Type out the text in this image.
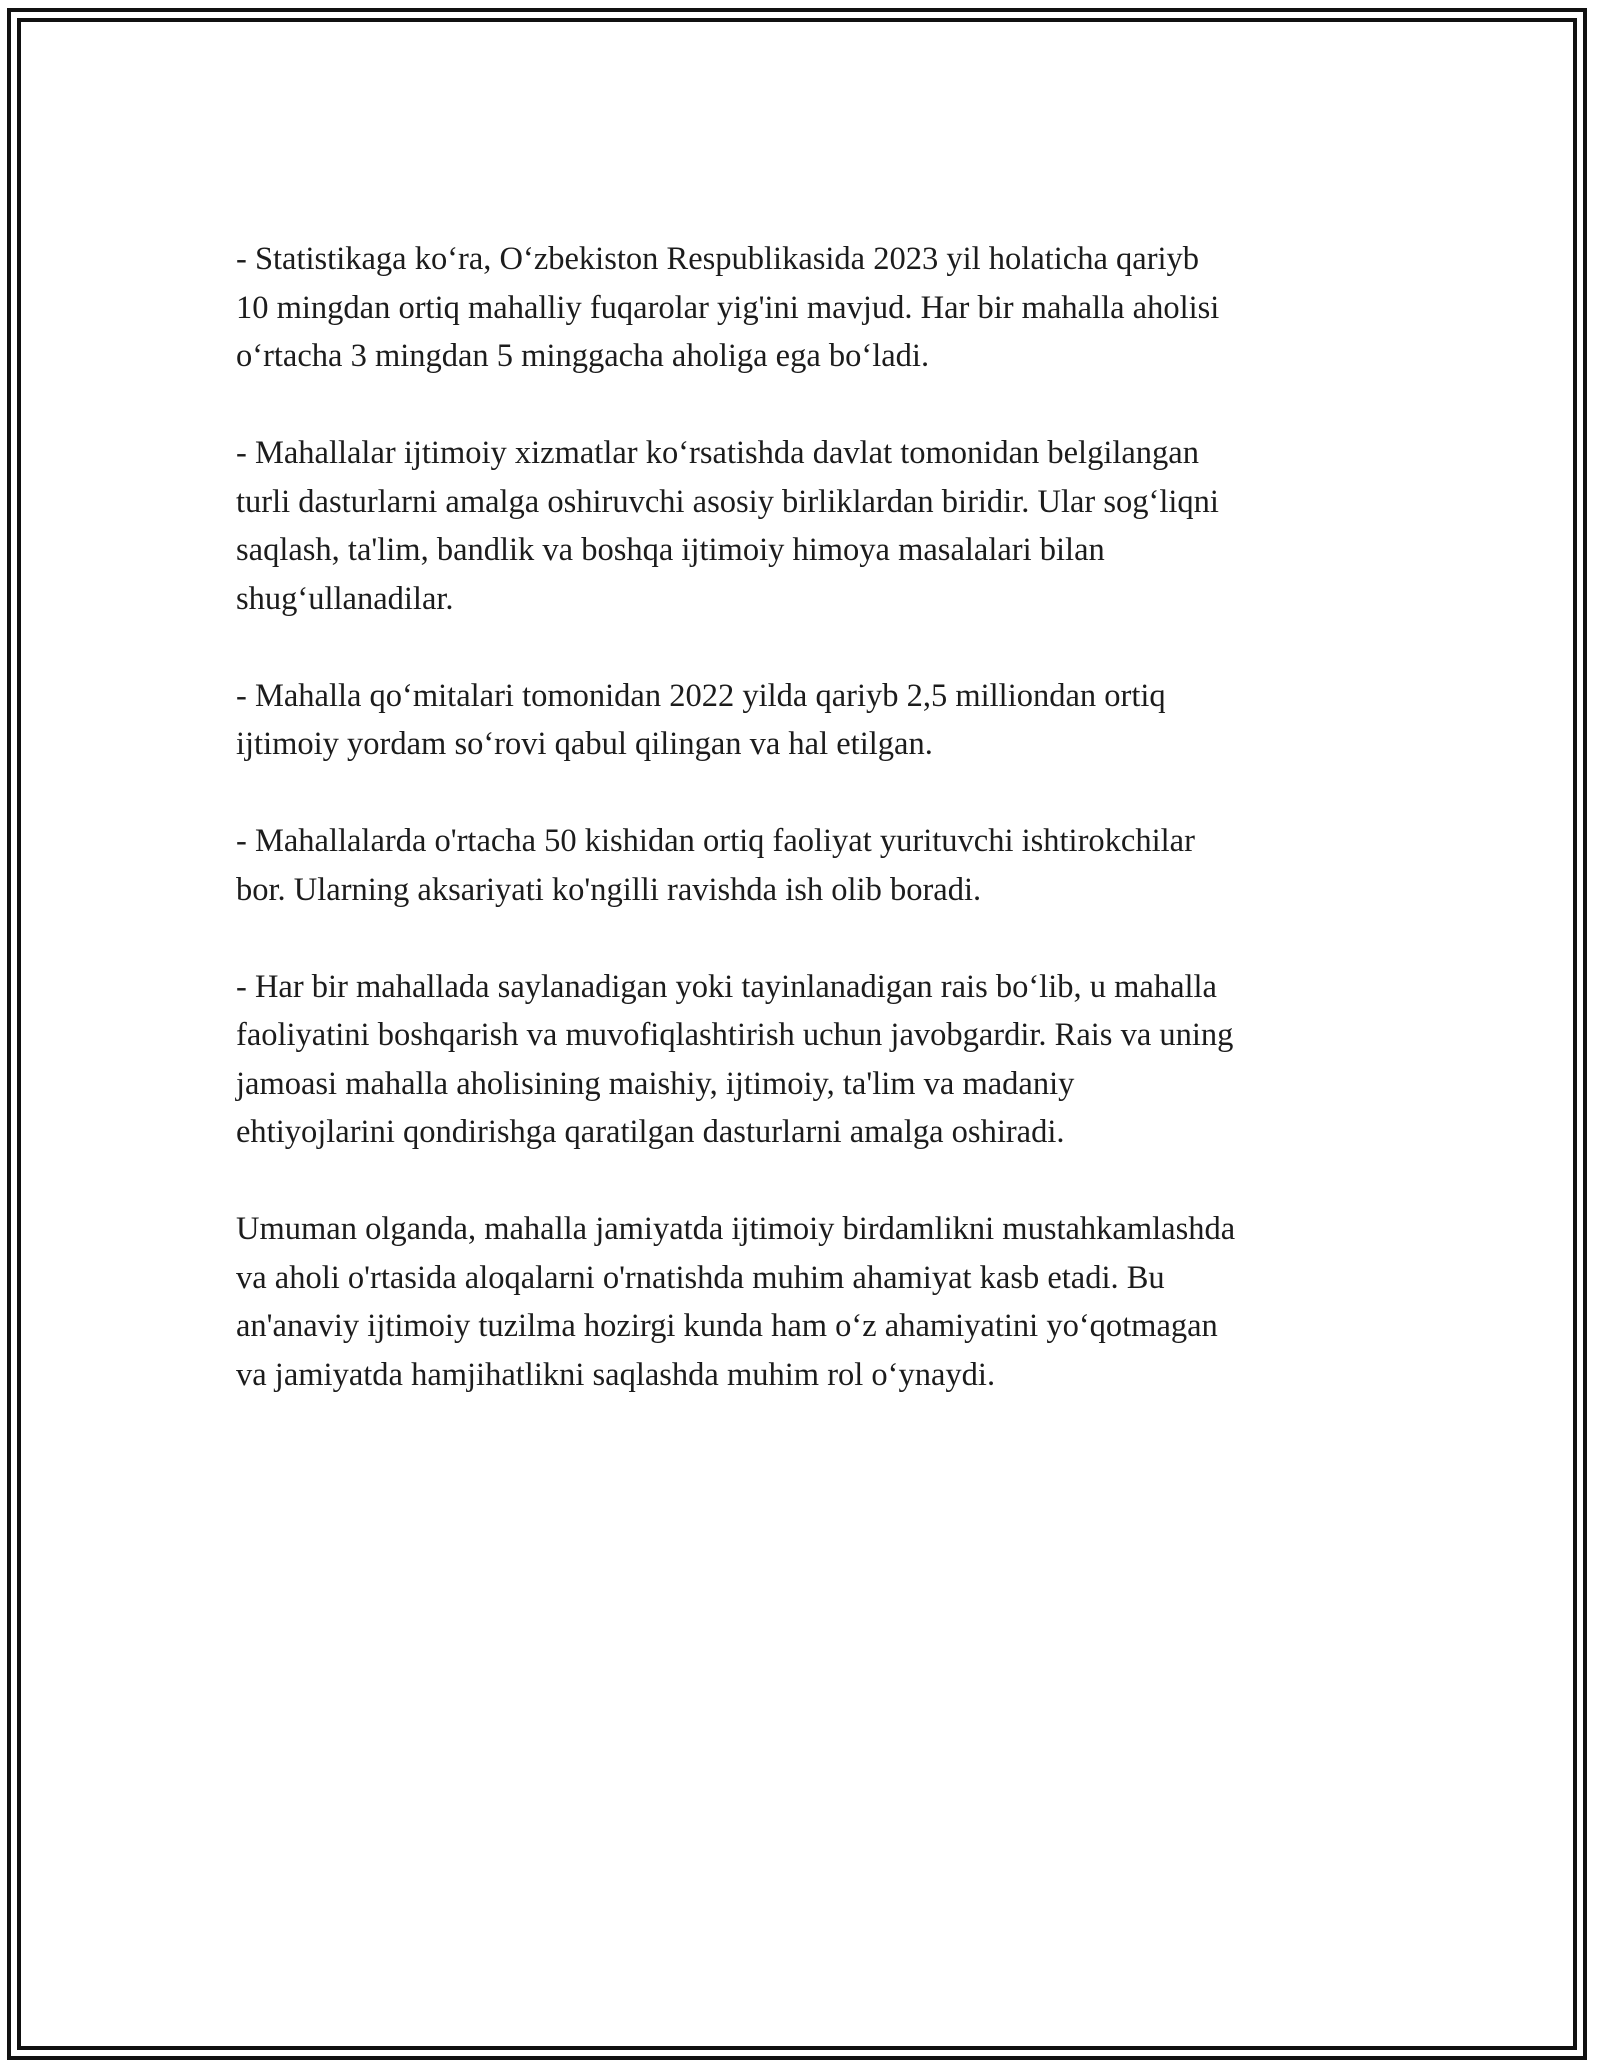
- Statistikaga ko‘ra, O‘zbekiston Respublikasida 2023 yil holaticha qariyb
10 mingdan ortiq mahalliy fuqarolar yig'ini mavjud. Har bir mahalla aholisi
o‘rtacha 3 mingdan 5 minggacha aholiga ega bo‘ladi.

- Mahallalar ijtimoiy xizmatlar ko‘rsatishda davlat tomonidan belgilangan
turli dasturlarni amalga oshiruvchi asosiy birliklardan biridir. Ular sog‘liqni
saqlash, ta'lim, bandlik va boshqa ijtimoiy himoya masalalari bilan
shug‘ullanadilar.

- Mahalla qo‘mitalari tomonidan 2022 yilda qariyb 2,5 milliondan ortiq
ijtimoiy yordam so‘rovi qabul qilingan va hal etilgan.

- Mahallalarda o'rtacha 50 kishidan ortiq faoliyat yurituvchi ishtirokchilar
bor. Ularning aksariyati ko'ngilli ravishda ish olib boradi.

- Har bir mahallada saylanadigan yoki tayinlanadigan rais bo‘lib, u mahalla
faoliyatini boshqarish va muvofiqlashtirish uchun javobgardir. Rais va uning
jamoasi mahalla aholisining maishiy, ijtimoiy, ta'lim va madaniy
ehtiyojlarini qondirishga qaratilgan dasturlarni amalga oshiradi.

Umuman olganda, mahalla jamiyatda ijtimoiy birdamlikni mustahkamlashda
va aholi o'rtasida aloqalarni o'rnatishda muhim ahamiyat kasb etadi. Bu
an'anaviy ijtimoiy tuzilma hozirgi kunda ham o‘z ahamiyatini yo‘qotmagan
va jamiyatda hamjihatlikni saqlashda muhim rol o‘ynaydi.
